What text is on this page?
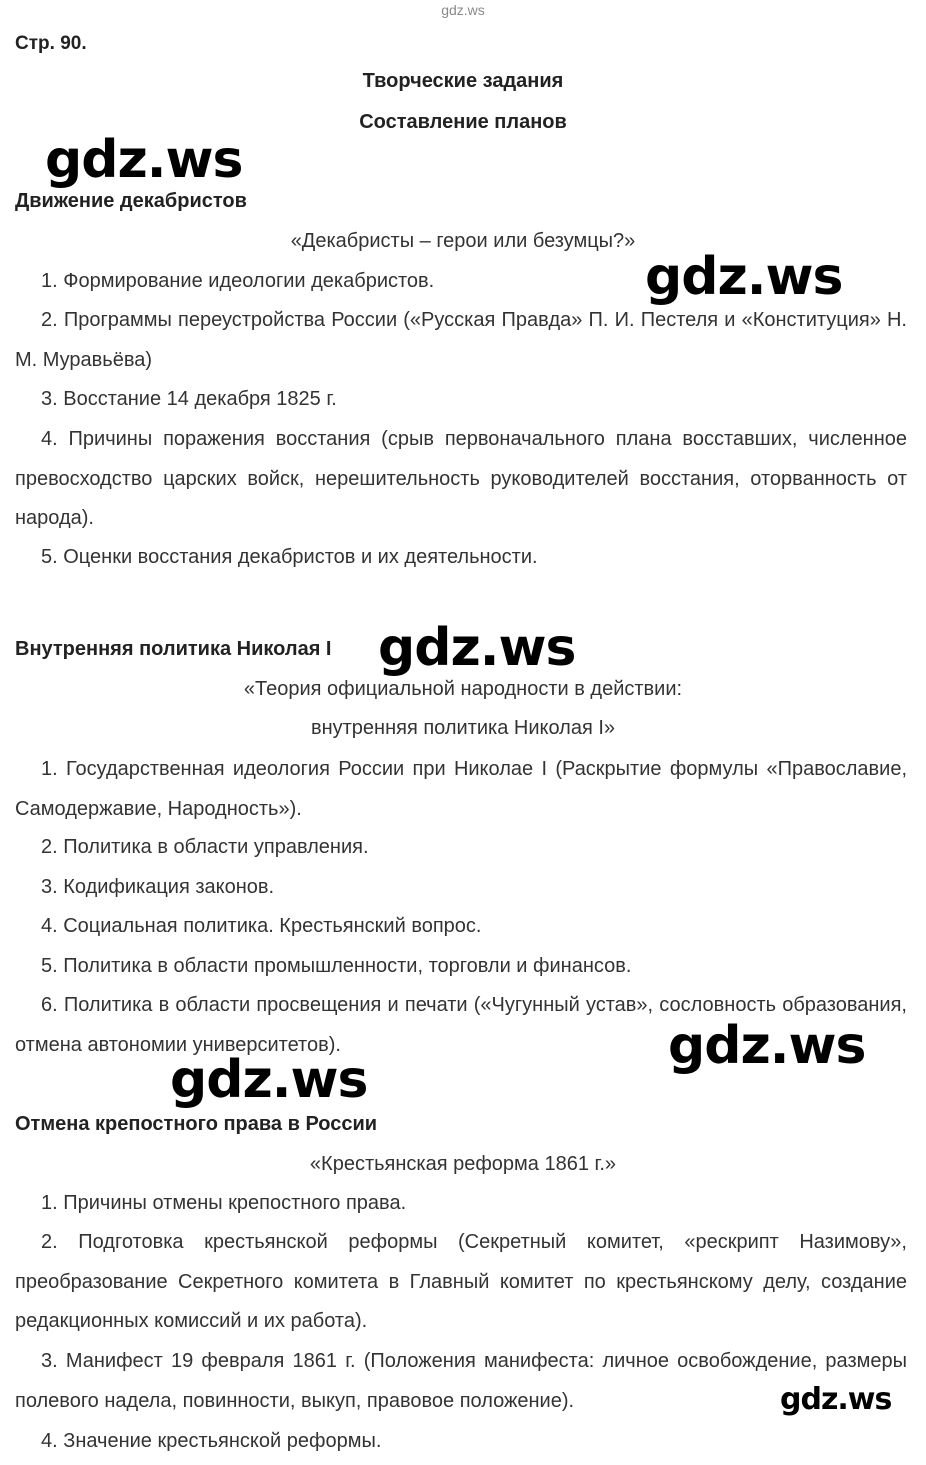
gdz.ws
Стр. 90.
Творческие задания
Составление планов
Движение декабристов
«Декабристы – герои или безумцы?»

1. Формирование идеологии декабристов.

2. Программы переустройства России («Русская Правда» П. И. Пестеля и «Конституция» Н. М. Муравьёва)

3. Восстание 14 декабря 1825 г.

4. Причины поражения восстания (срыв первоначального плана восставших, численное превосходство царских войск, нерешительность руководителей восстания, оторванность от народа).

5. Оценки восстания декабристов и их деятельности.

Внутренняя политика Николая I
«Теория официальной народности в действии:
внутренняя политика Николая I»

1. Государственная идеология России при Николае I (Раскрытие формулы «Православие, Самодержавие, Народность»).

2. Политика в области управления.

3. Кодификация законов.

4. Социальная политика. Крестьянский вопрос.

5. Политика в области промышленности, торговли и финансов.

6. Политика в области просвещения и печати («Чугунный устав», сословность образования, отмена автономии университетов).

Отмена крепостного права в России
«Крестьянская реформа 1861 г.»

1. Причины отмены крепостного права.

2. Подготовка крестьянской реформы (Секретный комитет, «рескрипт Назимову», преобразование Секретного комитета в Главный комитет по крестьянскому делу, создание редакционных комиссий и их работа).

3. Манифест 19 февраля 1861 г. (Положения манифеста: личное освобождение, размеры полевого надела, повинности, выкуп, правовое положение).

4. Значение крестьянской реформы.

gdz.ws
gdz.ws
gdz.ws
gdz.ws
gdz.ws
gdz.ws
